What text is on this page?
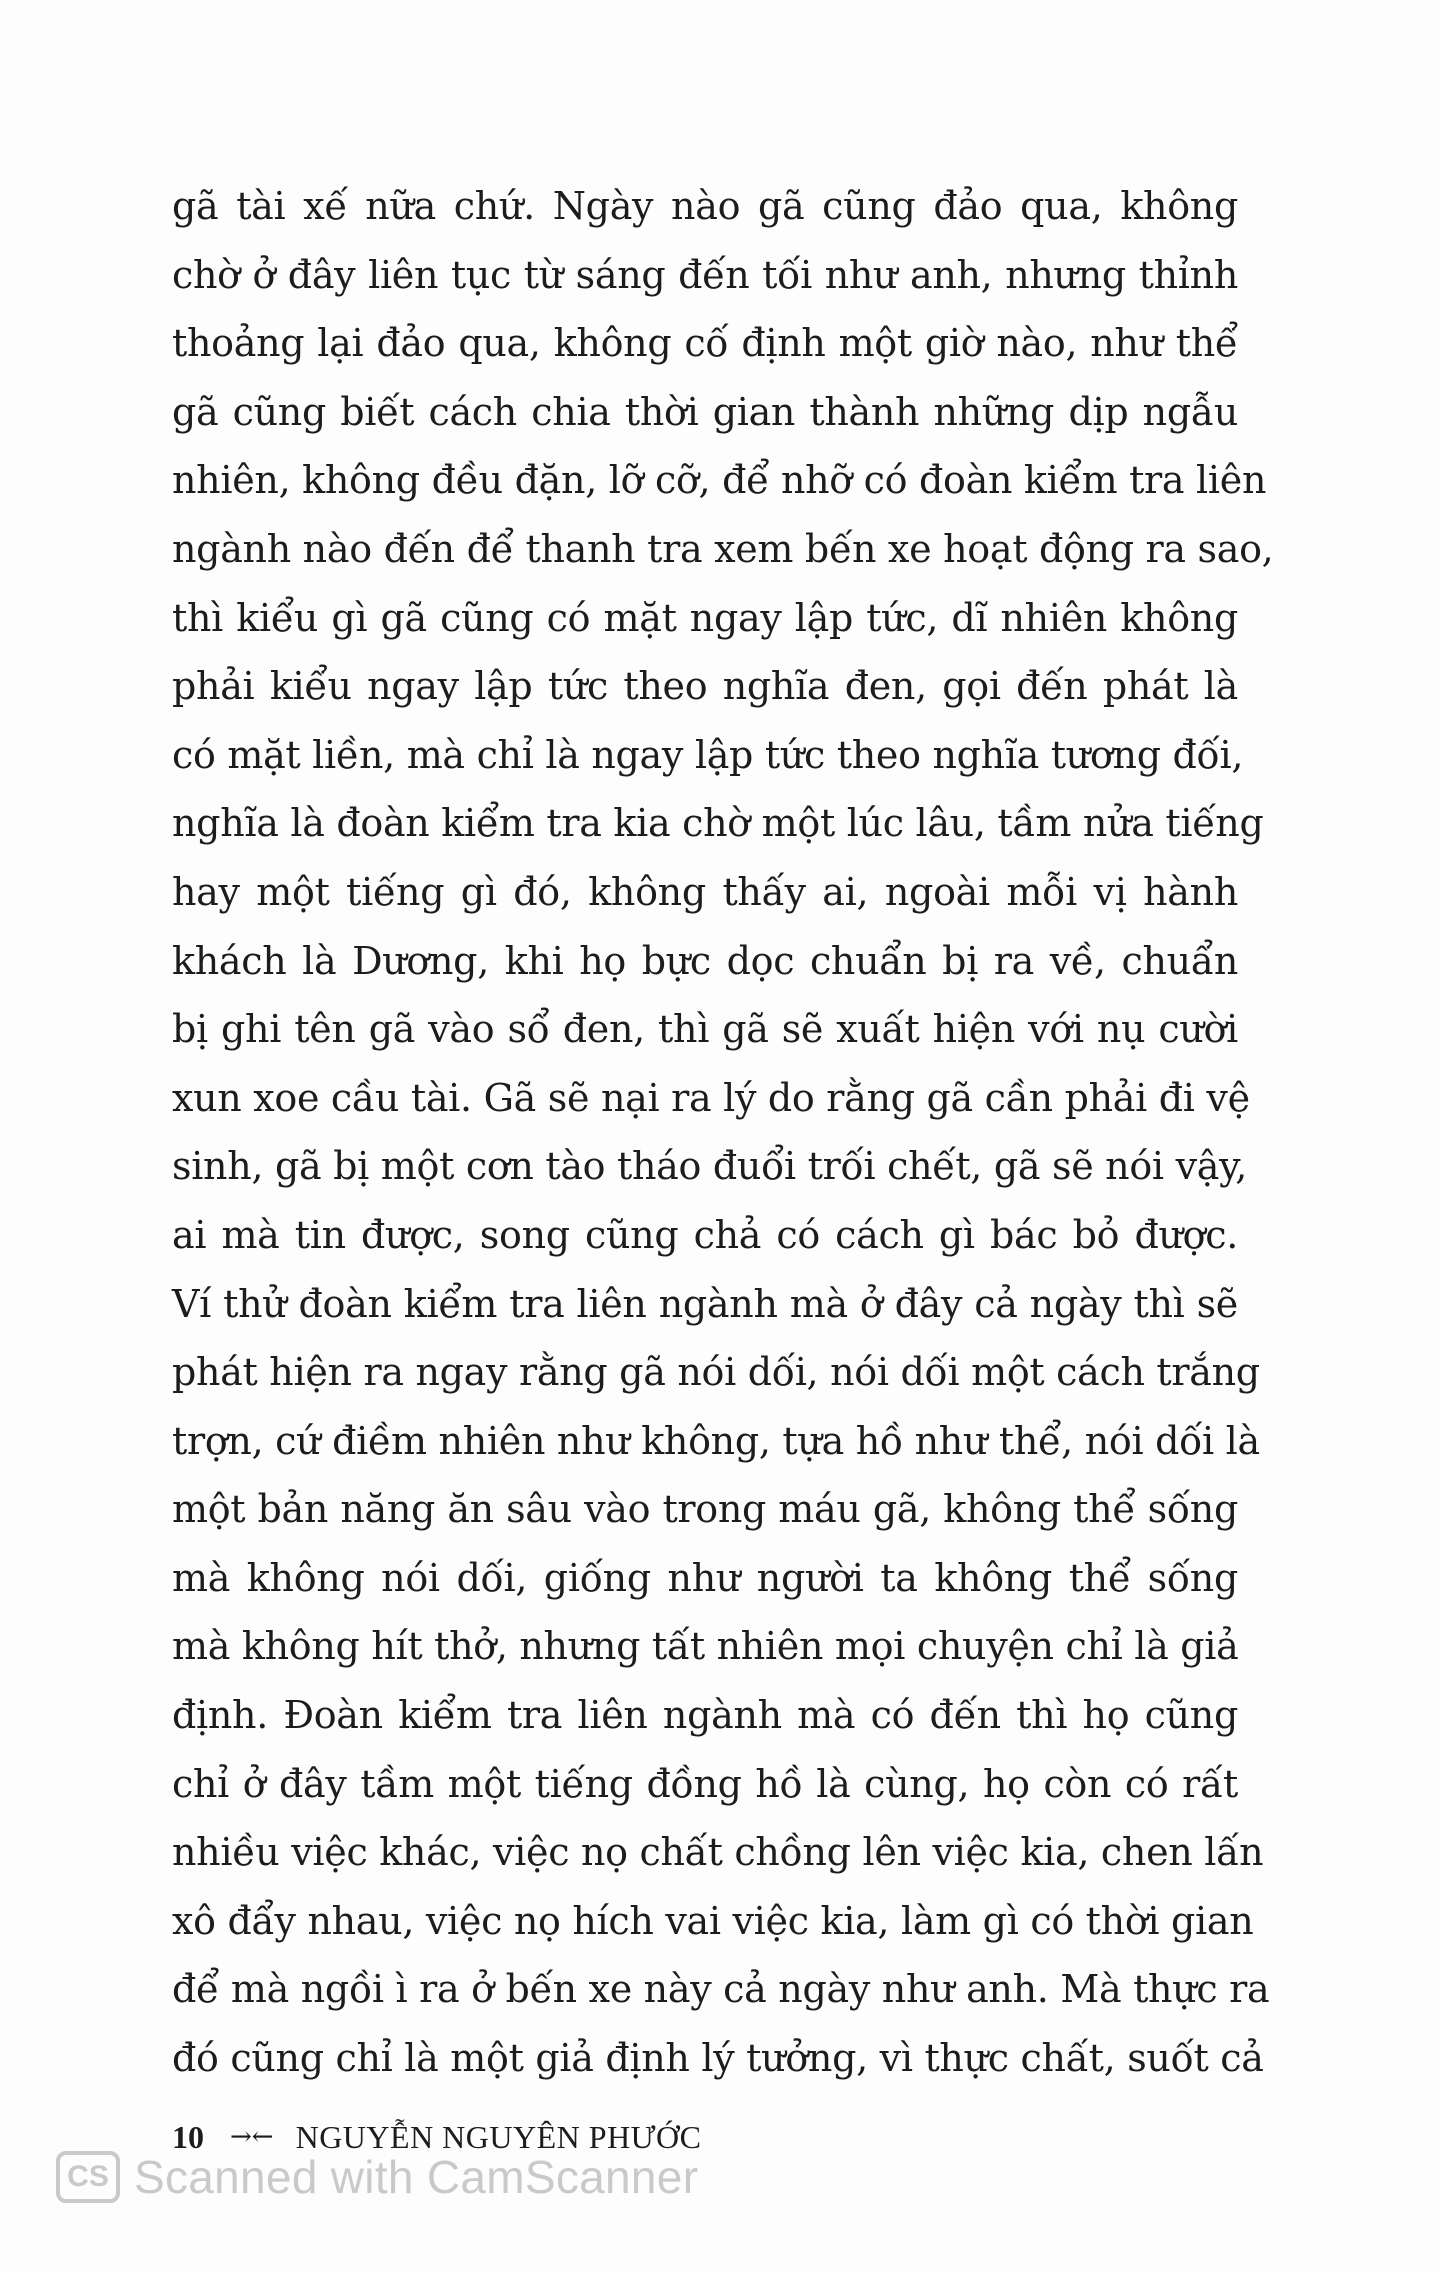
gã tài xế nữa chứ. Ngày nào gã cũng đảo qua, không
chờ ở đây liên tục từ sáng đến tối như anh, nhưng thỉnh
thoảng lại đảo qua, không cố định một giờ nào, như thể
gã cũng biết cách chia thời gian thành những dịp ngẫu
nhiên, không đều đặn, lỡ cỡ, để nhỡ có đoàn kiểm tra liên
ngành nào đến để thanh tra xem bến xe hoạt động ra sao,
thì kiểu gì gã cũng có mặt ngay lập tức, dĩ nhiên không
phải kiểu ngay lập tức theo nghĩa đen, gọi đến phát là
có mặt liền, mà chỉ là ngay lập tức theo nghĩa tương đối,
nghĩa là đoàn kiểm tra kia chờ một lúc lâu, tầm nửa tiếng
hay một tiếng gì đó, không thấy ai, ngoài mỗi vị hành
khách là Dương, khi họ bực dọc chuẩn bị ra về, chuẩn
bị ghi tên gã vào sổ đen, thì gã sẽ xuất hiện với nụ cười
xun xoe cầu tài. Gã sẽ nại ra lý do rằng gã cần phải đi vệ
sinh, gã bị một cơn tào tháo đuổi trối chết, gã sẽ nói vậy,
ai mà tin được, song cũng chả có cách gì bác bỏ được.
Ví thử đoàn kiểm tra liên ngành mà ở đây cả ngày thì sẽ
phát hiện ra ngay rằng gã nói dối, nói dối một cách trắng
trợn, cứ điềm nhiên như không, tựa hồ như thể, nói dối là
một bản năng ăn sâu vào trong máu gã, không thể sống
mà không nói dối, giống như người ta không thể sống
mà không hít thở, nhưng tất nhiên mọi chuyện chỉ là giả
định. Đoàn kiểm tra liên ngành mà có đến thì họ cũng
chỉ ở đây tầm một tiếng đồng hồ là cùng, họ còn có rất
nhiều việc khác, việc nọ chất chồng lên việc kia, chen lấn
xô đẩy nhau, việc nọ hích vai việc kia, làm gì có thời gian
để mà ngồi ì ra ở bến xe này cả ngày như anh. Mà thực ra
đó cũng chỉ là một giả định lý tưởng, vì thực chất, suốt cả
10 →← NGUYỄN NGUYÊN PHƯỚC
CS Scanned with CamScanner
